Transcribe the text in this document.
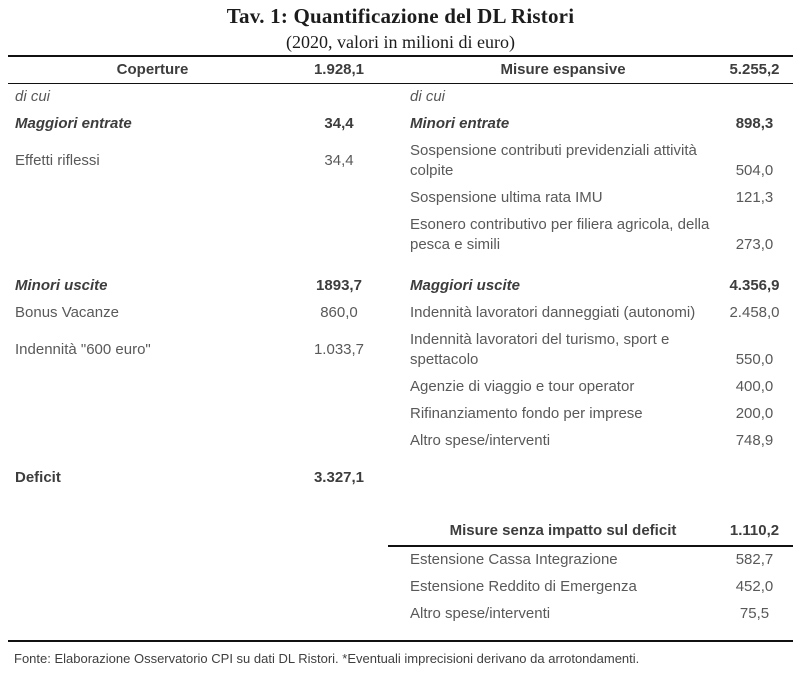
Tav. 1: Quantificazione del DL Ristori
(2020, valori in milioni di euro)
Coperture	1.928,1	Misure espansive	5.255,2
di cui		di cui	
Maggiori entrate	34,4	Minori entrate	898,3
Effetti riflessi	34,4	Sospensione contributi previdenziali attività colpite	504,0
		Sospensione ultima rata IMU	121,3
		Esonero contributivo per filiera agricola, della pesca e simili	273,0
Minori uscite	1893,7	Maggiori uscite	4.356,9
Bonus Vacanze	860,0	Indennità lavoratori danneggiati (autonomi)	2.458,0
Indennità "600 euro"	1.033,7	Indennità lavoratori del turismo, sport e spettacolo	550,0
		Agenzie di viaggio e tour operator	400,0
		Rifinanziamento fondo per imprese	200,0
		Altro spese/interventi	748,9
Deficit	3.327,1		
		Misure senza impatto sul deficit	1.110,2
		Estensione Cassa Integrazione	582,7
		Estensione Reddito di Emergenza	452,0
		Altro spese/interventi	75,5
Fonte: Elaborazione Osservatorio CPI su dati DL Ristori. *Eventuali imprecisioni derivano da arrotondamenti.
